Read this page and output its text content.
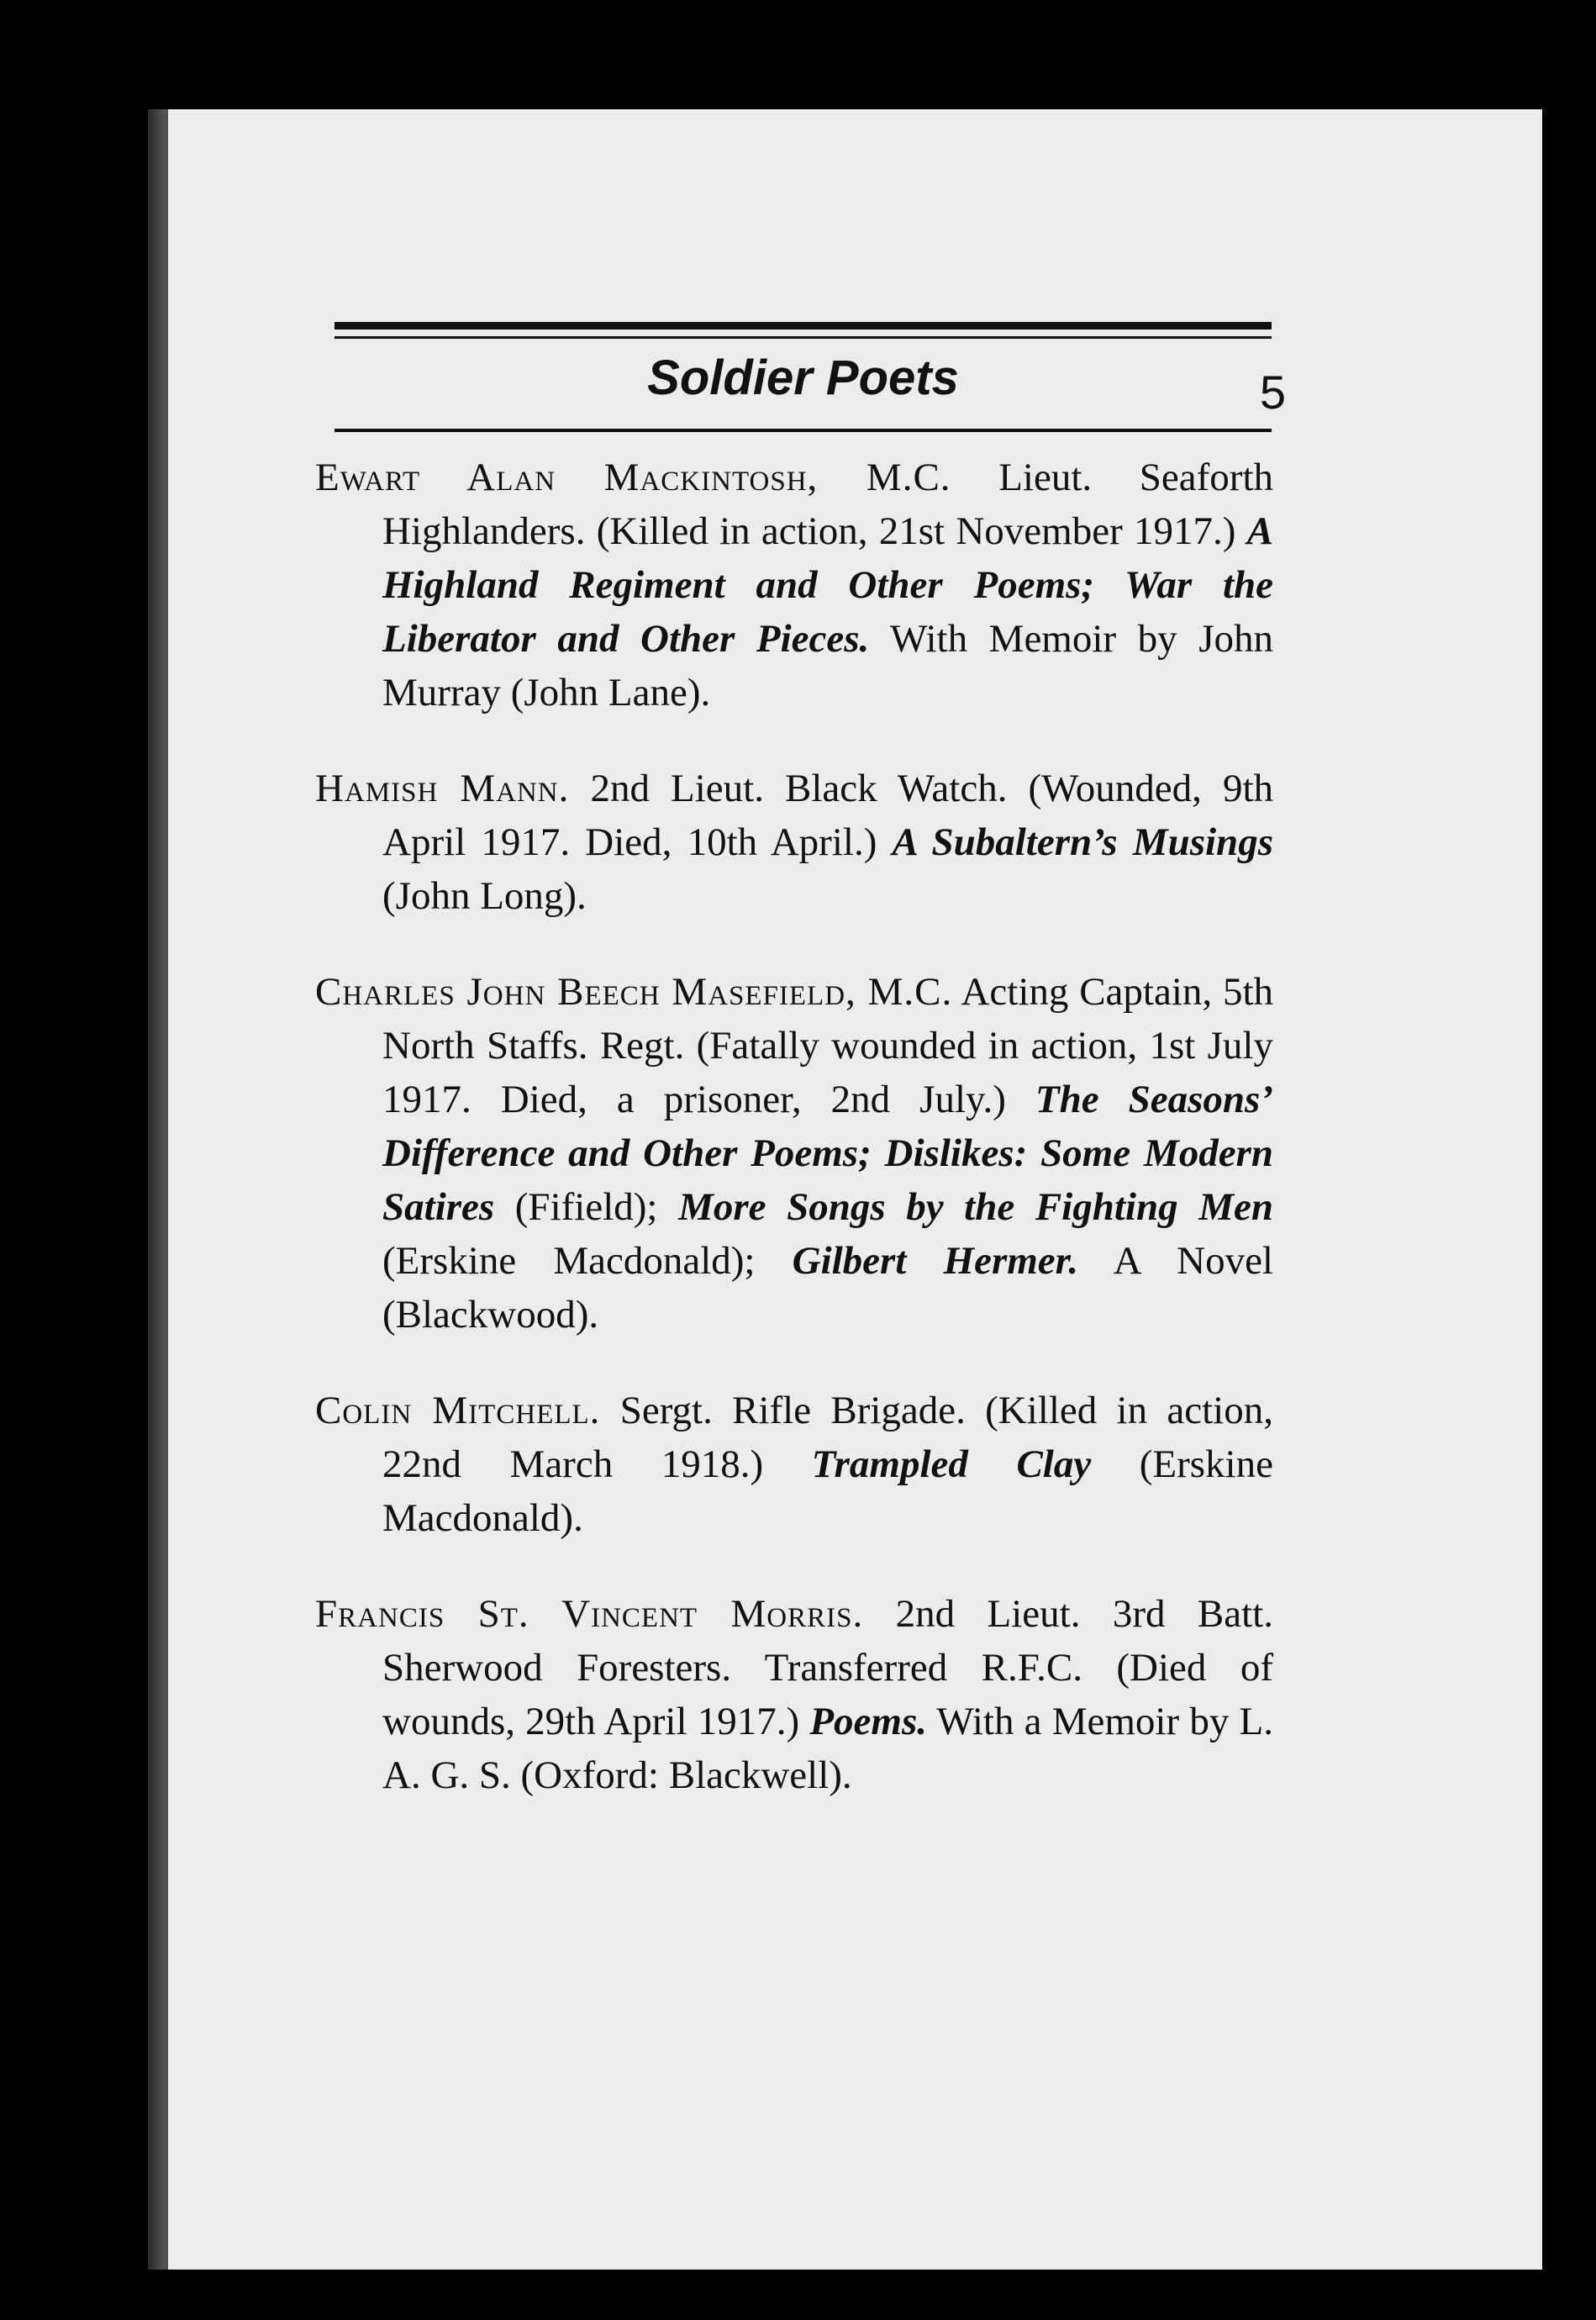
Soldier Poets	5

Ewart Alan Mackintosh, M.C. Lieut. Seaforth Highlanders. (Killed in action, 21st November 1917.) A Highland Regiment and Other Poems; War the Liberator and Other Pieces. With Memoir by John Murray (John Lane).

Hamish Mann. 2nd Lieut. Black Watch. (Wounded, 9th April 1917. Died, 10th April.) A Subaltern’s Musings (John Long).

Charles John Beech Masefield, M.C. Acting Captain, 5th North Staffs. Regt. (Fatally wounded in action, 1st July 1917. Died, a prisoner, 2nd July.) The Seasons’ Difference and Other Poems; Dislikes: Some Modern Satires (Fifield); More Songs by the Fighting Men (Erskine Macdonald); Gilbert Hermer. A Novel (Blackwood).

Colin Mitchell. Sergt. Rifle Brigade. (Killed in action, 22nd March 1918.) Trampled Clay (Erskine Macdonald).

Francis St. Vincent Morris. 2nd Lieut. 3rd Batt. Sherwood Foresters. Transferred R.F.C. (Died of wounds, 29th April 1917.) Poems. With a Memoir by L. A. G. S. (Oxford: Blackwell).
